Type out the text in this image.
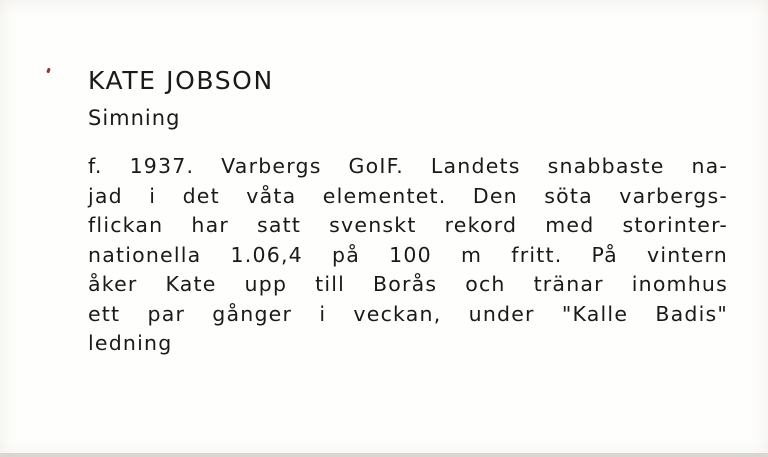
KATE JOBSON
Simning

f. 1937. Varbergs GoIF. Landets snabbaste na-
jad i det våta elementet. Den söta varbergs-
flickan har satt svenskt rekord med storinter-
nationella 1.06,4 på 100 m fritt. På vintern
åker Kate upp till Borås och tränar inomhus
ett par gånger i veckan, under "Kalle Badis"
ledning
